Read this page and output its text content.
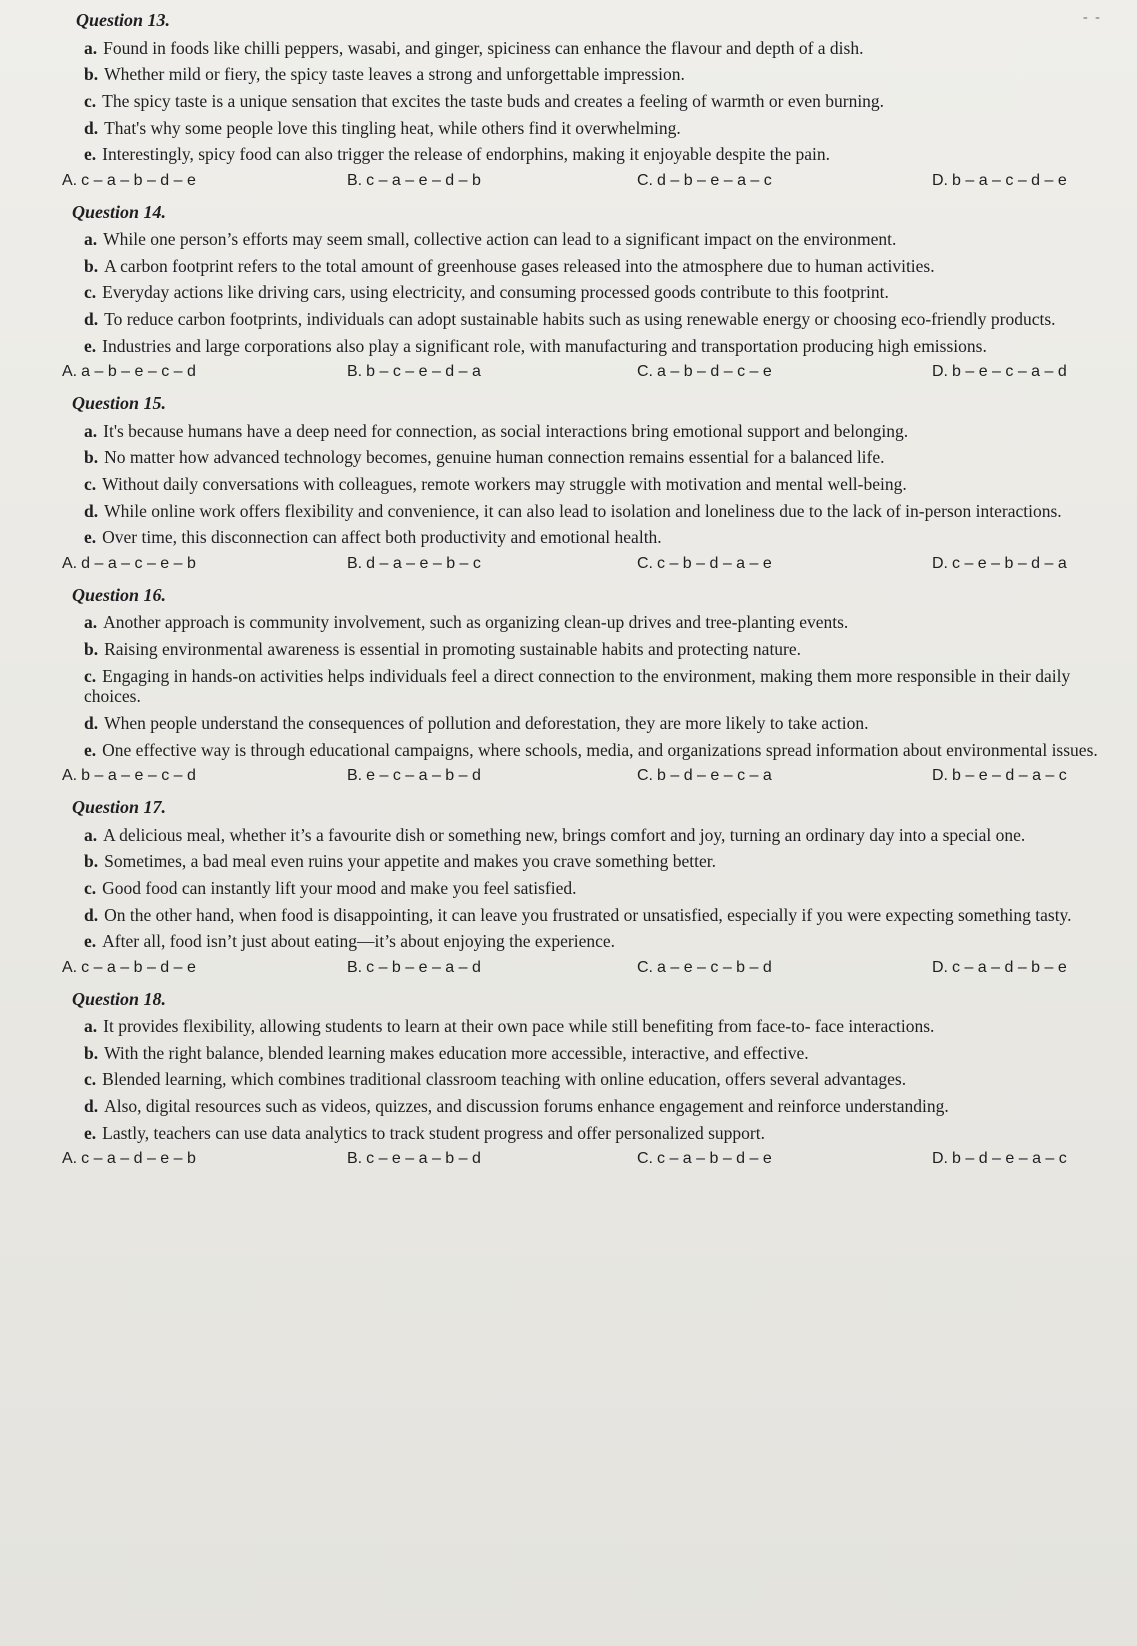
- -
Question 13.
a. Found in foods like chilli peppers, wasabi, and ginger, spiciness can enhance the flavour and depth of a dish.
b. Whether mild or fiery, the spicy taste leaves a strong and unforgettable impression.
c. The spicy taste is a unique sensation that excites the taste buds and creates a feeling of warmth or even burning.
d. That's why some people love this tingling heat, while others find it overwhelming.
e. Interestingly, spicy food can also trigger the release of endorphins, making it enjoyable despite the pain.
A. c – a – b – d – e	B. c – a – e – d – b	C. d – b – e – a – c	D. b – a – c – d – e
Question 14.
a. While one person’s efforts may seem small, collective action can lead to a significant impact on the environment.
b. A carbon footprint refers to the total amount of greenhouse gases released into the atmosphere due to human activities.
c. Everyday actions like driving cars, using electricity, and consuming processed goods contribute to this footprint.
d. To reduce carbon footprints, individuals can adopt sustainable habits such as using renewable energy or choosing eco-friendly products.
e. Industries and large corporations also play a significant role, with manufacturing and transportation producing high emissions.
A. a – b – e – c – d	B. b – c – e – d – a	C. a – b – d – c – e	D. b – e – c – a – d
Question 15.
a. It's because humans have a deep need for connection, as social interactions bring emotional support and belonging.
b. No matter how advanced technology becomes, genuine human connection remains essential for a balanced life.
c. Without daily conversations with colleagues, remote workers may struggle with motivation and mental well-being.
d. While online work offers flexibility and convenience, it can also lead to isolation and loneliness due to the lack of in-person interactions.
e. Over time, this disconnection can affect both productivity and emotional health.
A. d – a – c – e – b	B. d – a – e – b – c	C. c – b – d – a – e	D. c – e – b – d – a
Question 16.
a. Another approach is community involvement, such as organizing clean-up drives and tree-planting events.
b. Raising environmental awareness is essential in promoting sustainable habits and protecting nature.
c. Engaging in hands-on activities helps individuals feel a direct connection to the environment, making them more responsible in their daily choices.
d. When people understand the consequences of pollution and deforestation, they are more likely to take action.
e. One effective way is through educational campaigns, where schools, media, and organizations spread information about environmental issues.
A. b – a – e – c – d	B. e – c – a – b – d	C. b – d – e – c – a	D. b – e – d – a – c
Question 17.
a. A delicious meal, whether it’s a favourite dish or something new, brings comfort and joy, turning an ordinary day into a special one.
b. Sometimes, a bad meal even ruins your appetite and makes you crave something better.
c. Good food can instantly lift your mood and make you feel satisfied.
d. On the other hand, when food is disappointing, it can leave you frustrated or unsatisfied, especially if you were expecting something tasty.
e. After all, food isn’t just about eating—it’s about enjoying the experience.
A. c – a – b – d – e	B. c – b – e – a – d	C. a – e – c – b – d	D. c – a – d – b – e
Question 18.
a. It provides flexibility, allowing students to learn at their own pace while still benefiting from face-to- face interactions.
b. With the right balance, blended learning makes education more accessible, interactive, and effective.
c. Blended learning, which combines traditional classroom teaching with online education, offers several advantages.
d. Also, digital resources such as videos, quizzes, and discussion forums enhance engagement and reinforce understanding.
e. Lastly, teachers can use data analytics to track student progress and offer personalized support.
A. c – a – d – e – b	B. c – e – a – b – d	C. c – a – b – d – e	D. b – d – e – a – c
